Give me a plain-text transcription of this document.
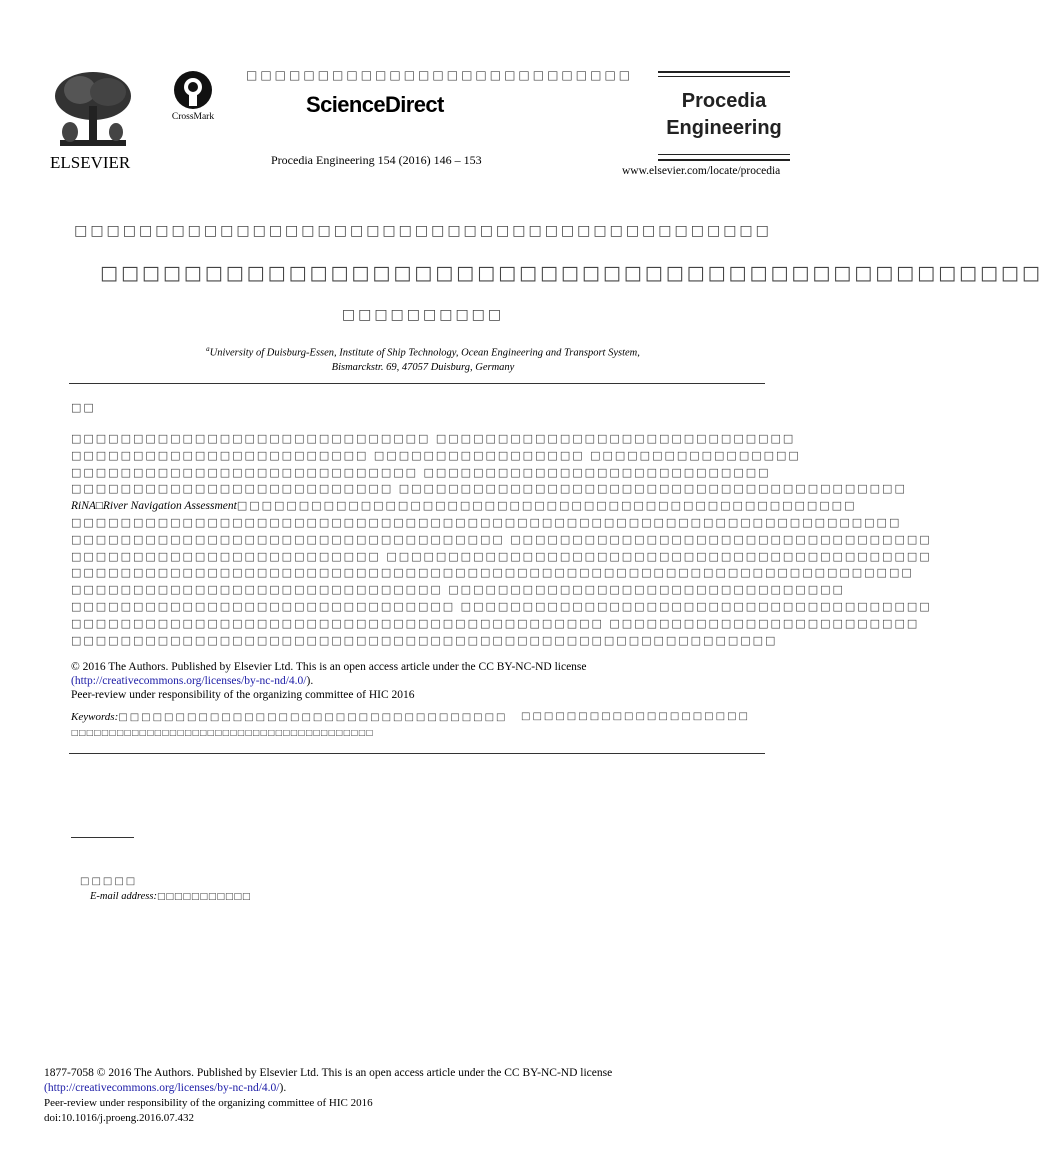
ELSEVIER
CrossMark
□□□□□□□□□□□□□□□□□□□□□□□□□□□
ScienceDirect
Procedia Engineering 154 (2016) 146 – 153
Procedia
Engineering
www.elsevier.com/locate/procedia
□□□□□□□□□□□□□□□□□□□□□□□□□□□□□□□□□□□□□□□□□□□
□□□□□□□□□□□□□□□□□□□□□□□□□□□□□□□□□□□□□□□□□□□□□
□□□□□□□□□□
$^a$University of Duisburg-Essen, Institute of Ship Technology, Ocean Engineering and Transport System,
Bismarckstr. 69, 47057 Duisburg, Germany
□□
□□□□□□□□□□□□□□□□□□□□□□□□□□□□□ □□□□□□□□□□□□□□□□□□□□□□□□□□□□□
□□□□□□□□□□□□□□□□□□□□□□□□ □□□□□□□□□□□□□□□□□ □□□□□□□□□□□□□□□□□
□□□□□□□□□□□□□□□□□□□□□□□□□□□□ □□□□□□□□□□□□□□□□□□□□□□□□□□□□
□□□□□□□□□□□□□□□□□□□□□□□□□□ □□□□□□□□□□□□□□□□□□□□□□□□□□□□□□□□□□□□□□□□□
RiNA□River Navigation Assessment□□□□□□□□□□□□□□□□□□□□□□□□□□□□□□□□□□□□□□□□□□□□□□□□□□
□□□□□□□□□□□□□□□□□□□□□□□□□□□□□□□□□□□□□□□□□□□□□□□□□□□□□□□□□□□□□□□□□□□
□□□□□□□□□□□□□□□□□□□□□□□□□□□□□□□□□□□ □□□□□□□□□□□□□□□□□□□□□□□□□□□□□□□□□□
□□□□□□□□□□□□□□□□□□□□□□□□□ □□□□□□□□□□□□□□□□□□□□□□□□□□□□□□□□□□□□□□□□□□□□
□□□□□□□□□□□□□□□□□□□□□□□□□□□□□□□□□□□□□□□□□□□□□□□□□□□□□□□□□□□□□□□□□□□□
□□□□□□□□□□□□□□□□□□□□□□□□□□□□□□ □□□□□□□□□□□□□□□□□□□□□□□□□□□□□□□□
□□□□□□□□□□□□□□□□□□□□□□□□□□□□□□□ □□□□□□□□□□□□□□□□□□□□□□□□□□□□□□□□□□□□□□
□□□□□□□□□□□□□□□□□□□□□□□□□□□□□□□□□□□□□□□□□□□ □□□□□□□□□□□□□□□□□□□□□□□□□
□□□□□□□□□□□□□□□□□□□□□□□□□□□□□□□□□□□□□□□□□□□□□□□□□□□□□□□□□
© 2016 The Authors. Published by Elsevier Ltd. This is an open access article under the CC BY-NC-ND license
(http://creativecommons.org/licenses/by-nc-nd/4.0/).
Peer-review under responsibility of the organizing committee of HIC 2016
Keywords:□□□□□□□□□□□□□□□□□□□□□□□□□□□□□□□□□□ □□□□□□□□□□□□□□□□□□□□
□□□□□□□□□□□□□□□□□□□□□□□□□□□□□□□□□□□□□□□□
□□□□□
E-mail address:□□□□□□□□□□□
1877-7058 © 2016 The Authors. Published by Elsevier Ltd. This is an open access article under the CC BY-NC-ND license
(http://creativecommons.org/licenses/by-nc-nd/4.0/).
Peer-review under responsibility of the organizing committee of HIC 2016
doi:10.1016/j.proeng.2016.07.432
